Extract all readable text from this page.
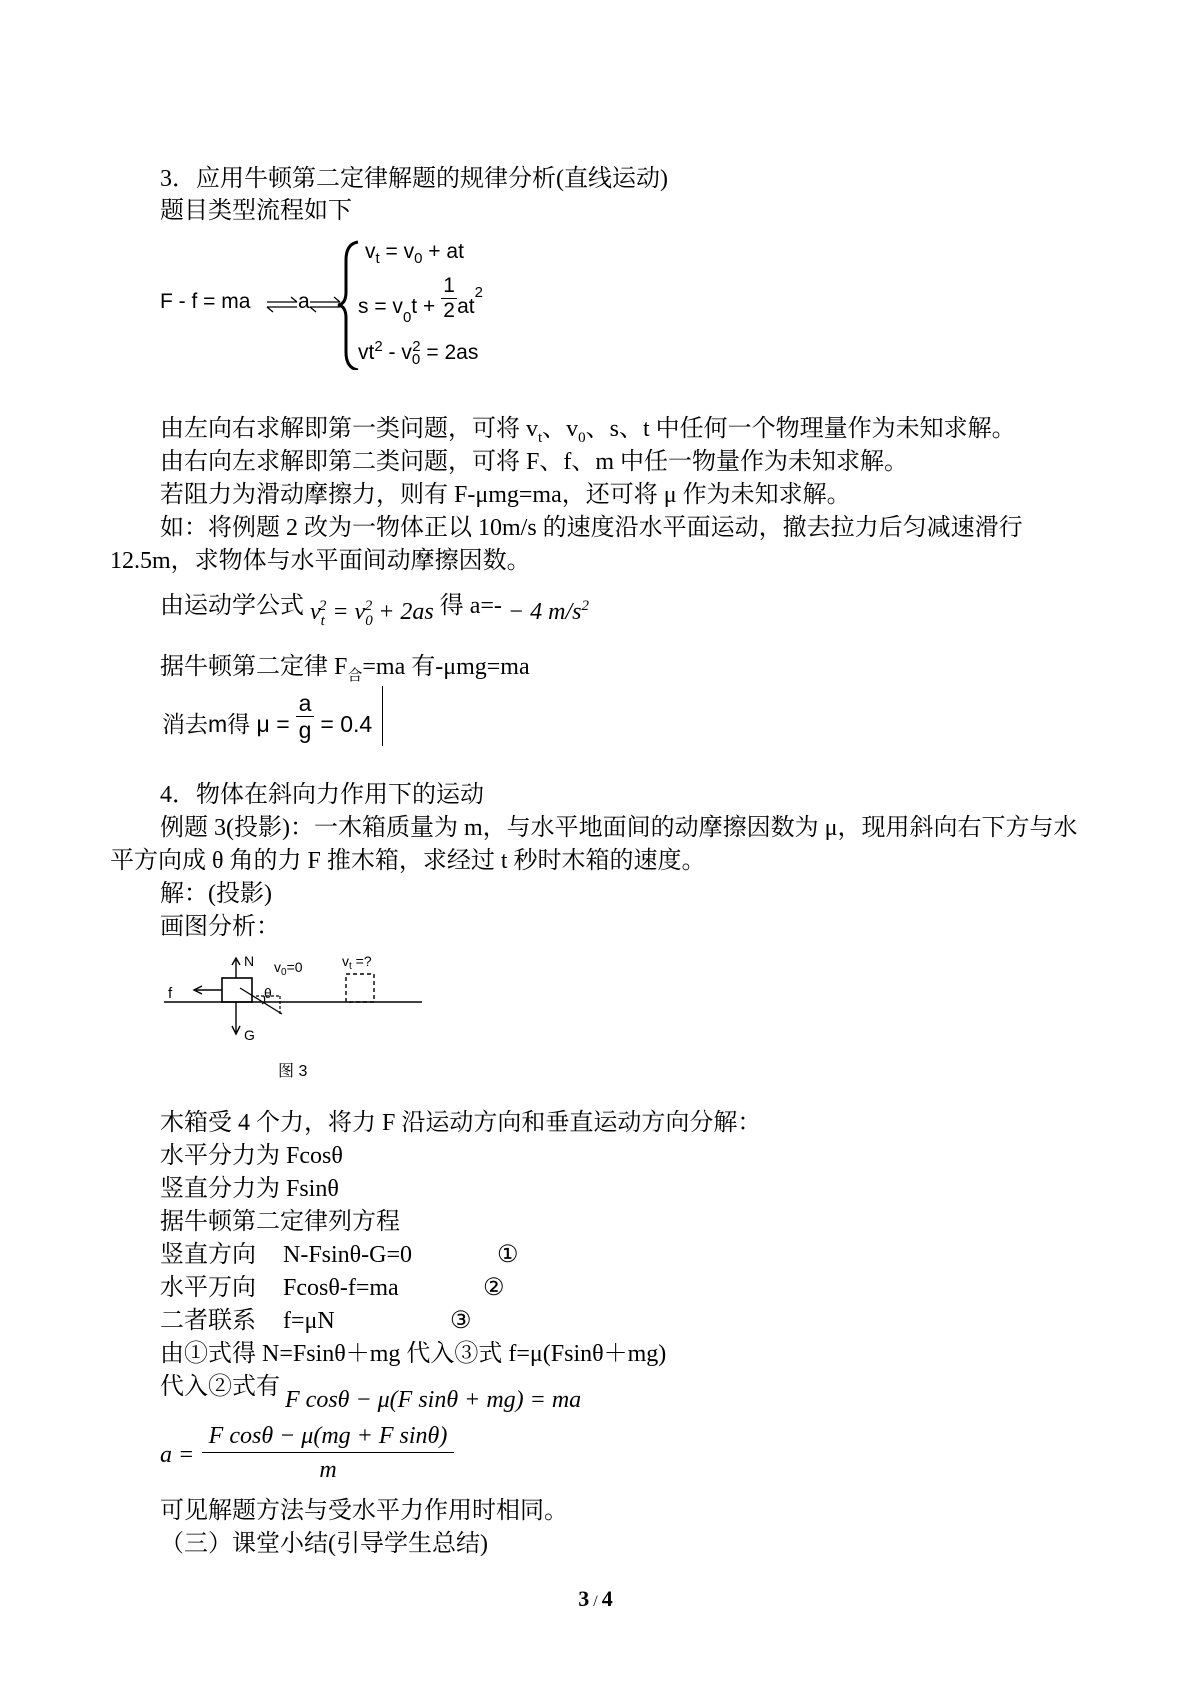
3．应用牛顿第二定律解题的规律分析(直线运动)
题目类型流程如下
F - f = ma a
$v_t = v_0$ + at
$s = v_0t + \frac{1}{2} at^2$
$vt^2 - v_0^2 = 2as$
由左向右求解即第一类问题，可将 $v_t$、$v_0$、s、t 中任何一个物理量作为未知求解。
由右向左求解即第二类问题，可将 F、f、m 中任一物量作为未知求解。
若阻力为滑动摩擦力，则有 F-μmg=ma，还可将 μ 作为未知求解。
如：将例题 2 改为一物体正以 10m/s 的速度沿水平面运动，撤去拉力后匀减速滑行
12.5m，求物体与水平面间动摩擦因数。
由运动学公式 $v_t^2 = v_0^2 + 2as$ 得 a=- − 4 $m/s^2$
据牛顿第二定律 $F_合=ma$ 有-μmg=ma
消去m得 $\mu = \frac{a}{g} = 0.4$
4．物体在斜向力作用下的运动
例题 3(投影)：一木箱质量为 m，与水平地面间的动摩擦因数为 μ，现用斜向右下方与水
平方向成 θ 角的力 F 推木箱，求经过 t 秒时木箱的速度。
解：(投影)
画图分析：
N $v_0=0$	$v_t$ =?
f	θ
G
图 3
木箱受 4 个力，将力 F 沿运动方向和垂直运动方向分解：
水平分力为 Fcosθ
竖直分力为 Fsinθ
据牛顿第二定律列方程
竖直方向 N-Fsinθ-G=0	①
水平万向 Fcosθ-f=ma	②
二者联系 f=μN	③
由①式得 N=Fsinθ＋mg 代入③式 f=μ(Fsinθ＋mg)
代入②式有 F cosθ − μ(F sinθ + mg) = ma
a =
F cosθ − μ(mg + F sinθ)
m
可见解题方法与受水平力作用时相同。
（三）课堂小结(引导学生总结)
3 / 4
